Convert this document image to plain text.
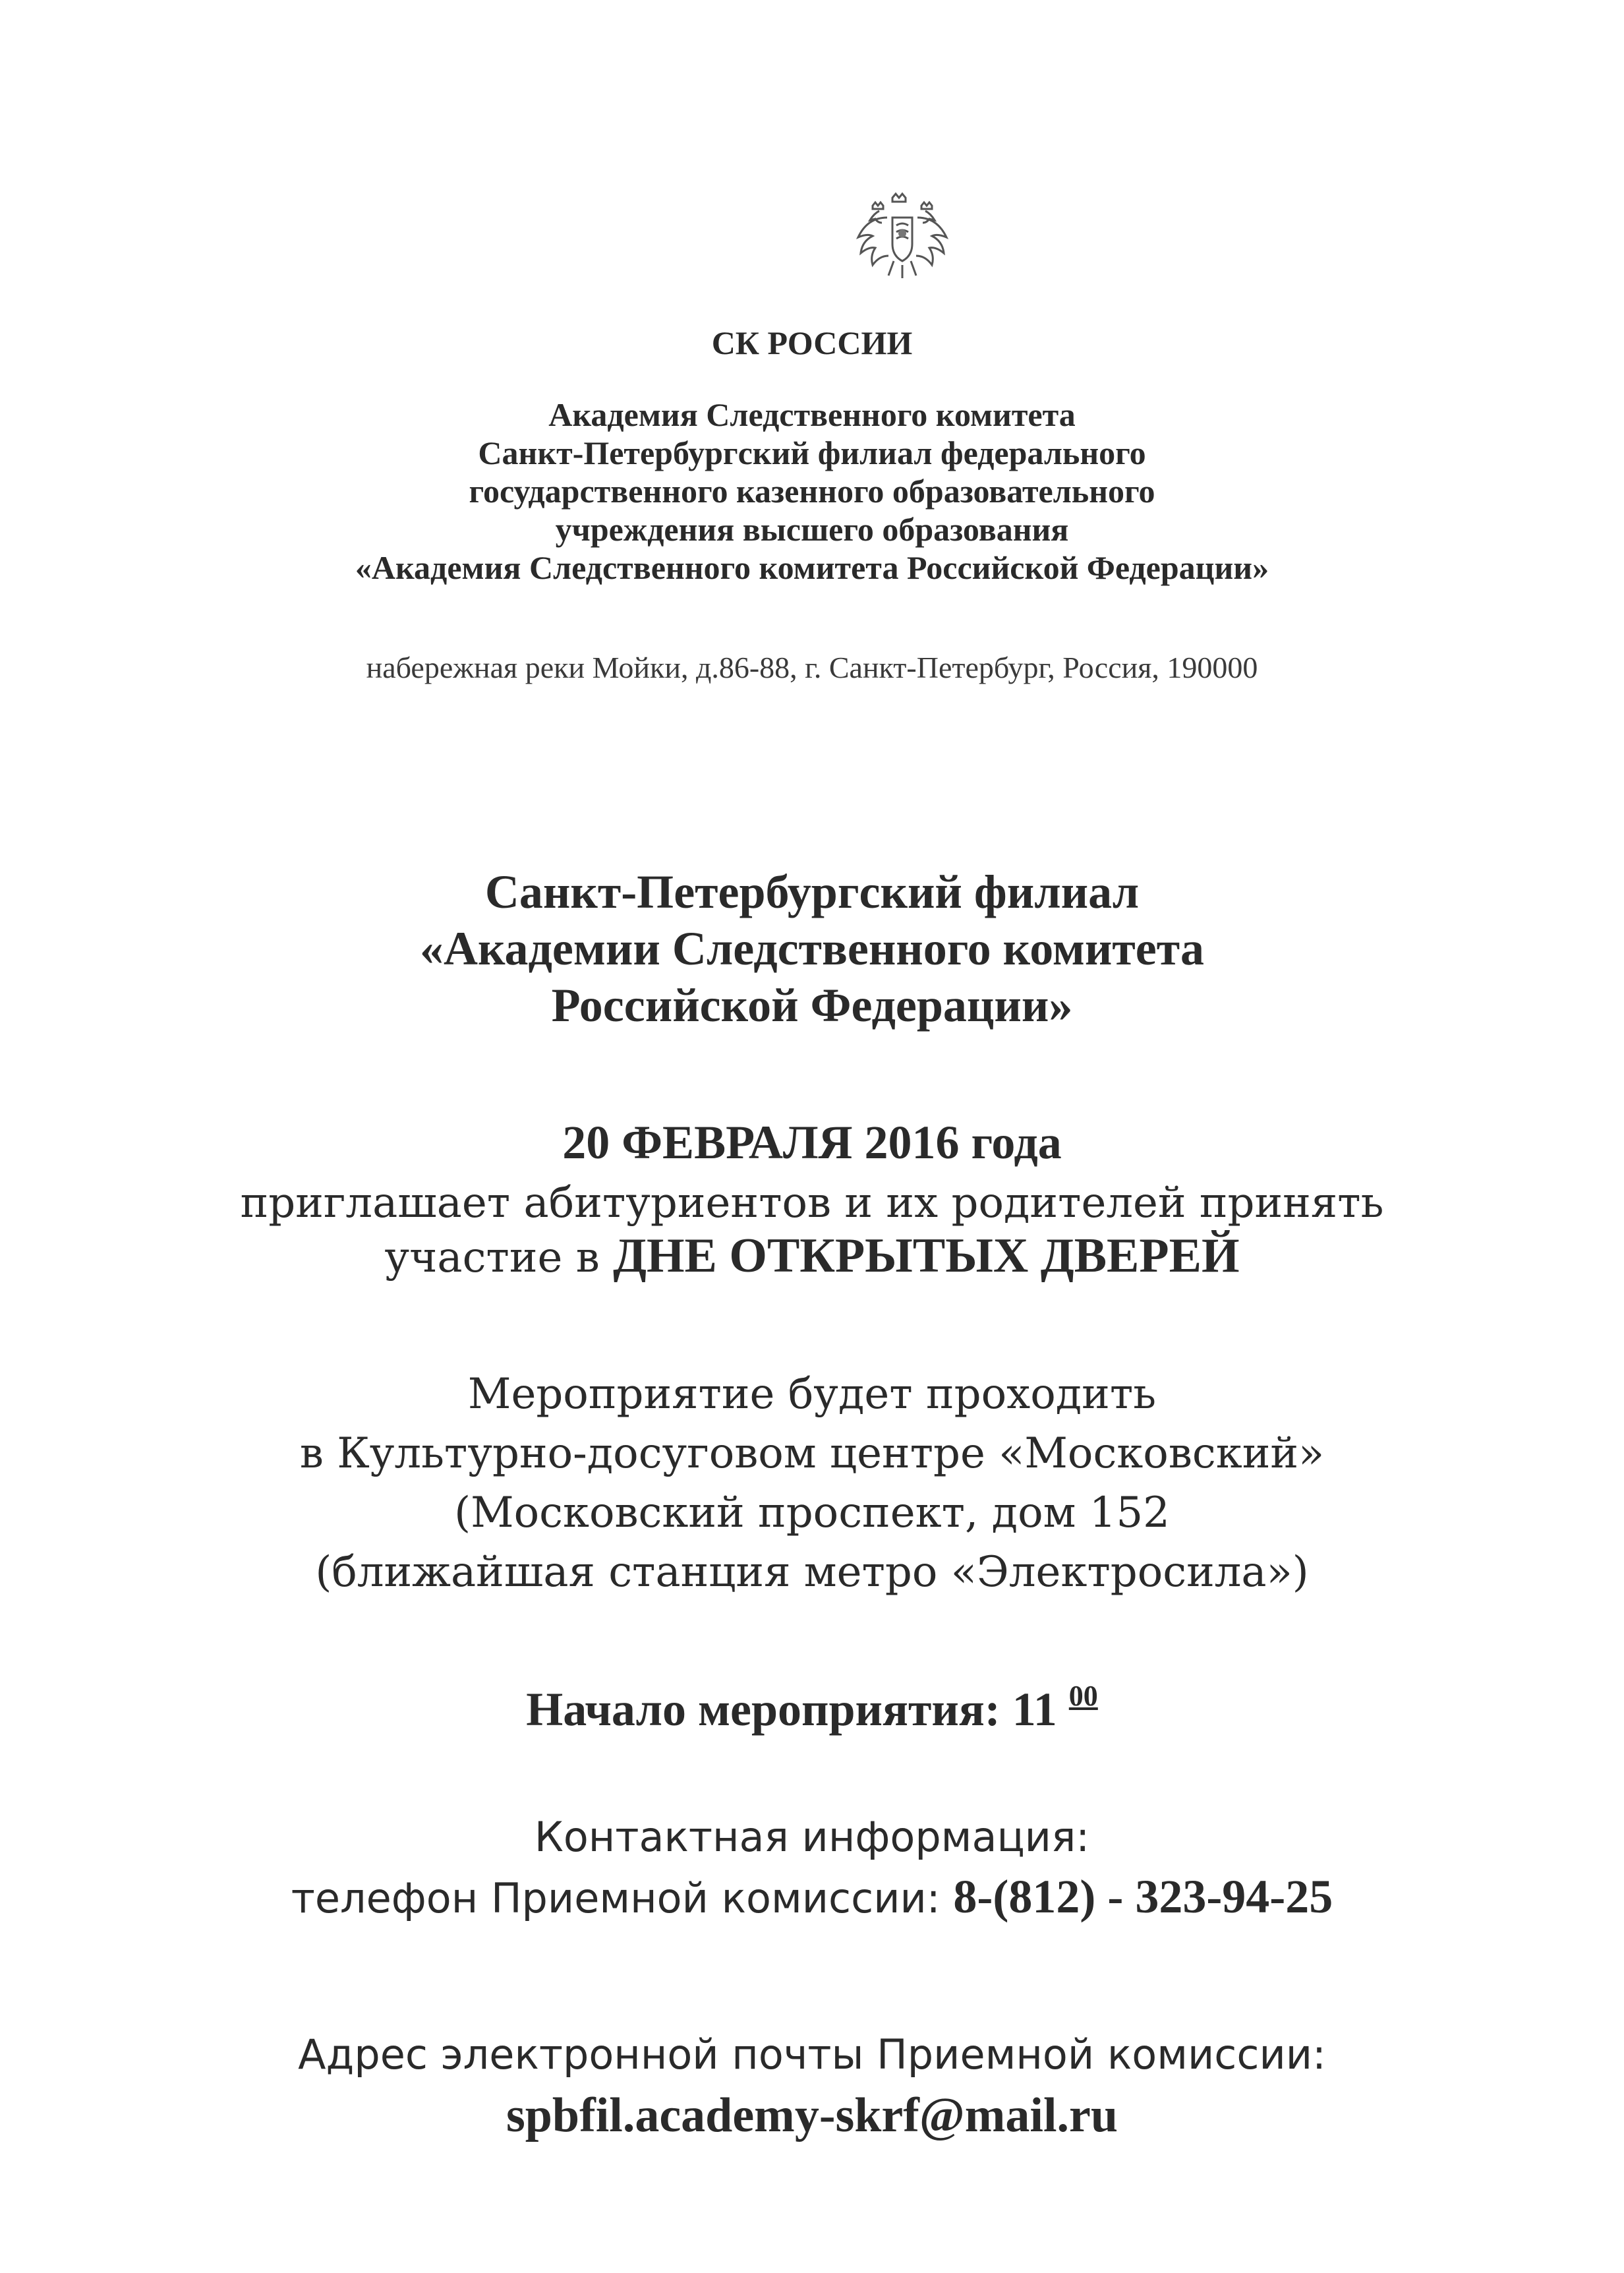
СК РОССИИ
Академия Следственного комитета
Санкт-Петербургский филиал федерального
государственного казенного образовательного
учреждения высшего образования
«Академия Следственного комитета Российской Федерации»
набережная реки Мойки, д.86-88, г. Санкт-Петербург, Россия, 190000
Санкт-Петербургский филиал
«Академии Следственного комитета
Российской Федерации»
20 ФЕВРАЛЯ 2016 года
приглашает абитуриентов и их родителей принять
участие в ДНЕ ОТКРЫТЫХ ДВЕРЕЙ
Мероприятие будет проходить
в Культурно-досуговом центре «Московский»
(Московский проспект, дом 152
(ближайшая станция метро «Электросила»)
Начало мероприятия: 11 $^{00}$
Контактная информация:
телефон Приемной комиссии: 8-(812) - 323-94-25
Адрес электронной почты Приемной комиссии:
spbfil.academy-skrf@mail.ru
